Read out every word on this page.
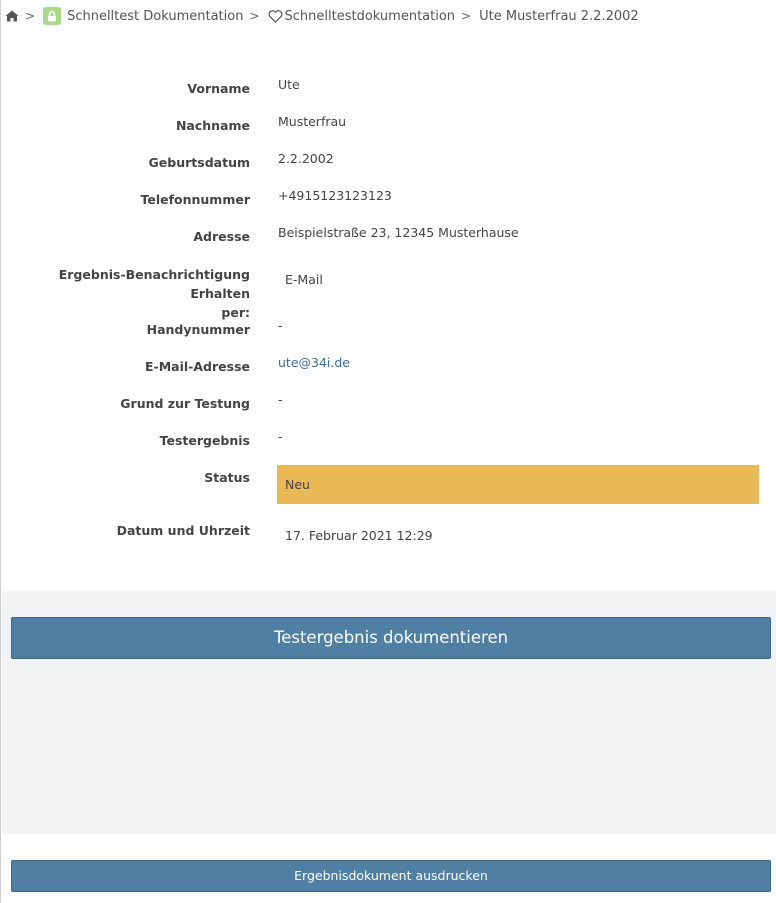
> Schnelltest Dokumentation > Schnelltestdokumentation > Ute Musterfrau 2.2.2002
Vorname Ute
Nachname Musterfrau
Geburtsdatum 2.2.2002
Telefonnummer +4915123123123
Adresse Beispielstraße 23, 12345 Musterhause
Ergebnis-Benachrichtigung Erhalten
per:
E-Mail
Handynummer -
E-Mail-Adresse ute@34i.de
Grund zur Testung -
Testergebnis -
Status	Neu
Datum und Uhrzeit	17. Februar 2021 12:29
Testergebnis dokumentieren
Ergebnisdokument ausdrucken
